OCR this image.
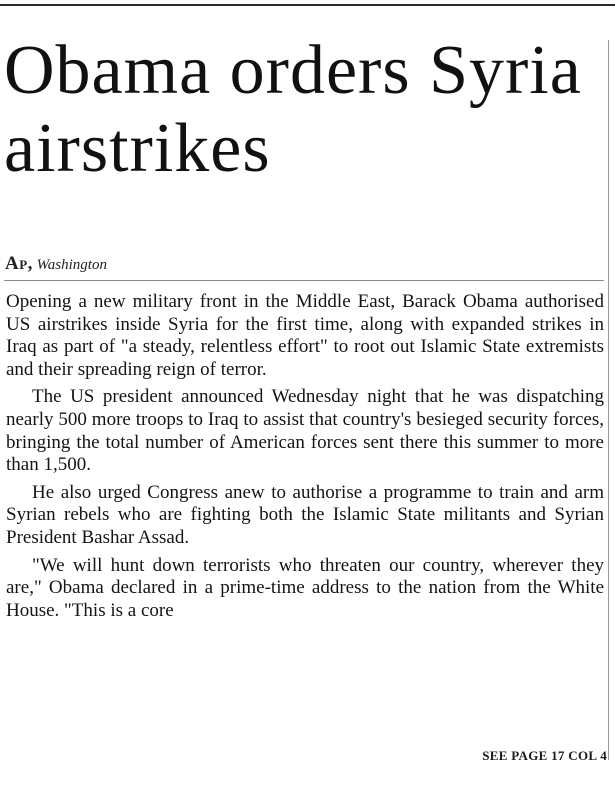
Obama orders Syria airstrikes
Ap, Washington

Opening a new military front in the Middle East, Barack Obama authorised US airstrikes inside Syria for the first time, along with expanded strikes in Iraq as part of "a steady, relentless effort" to root out Islamic State extremists and their spreading reign of terror.

The US president announced Wednesday night that he was dispatching nearly 500 more troops to Iraq to assist that country's besieged security forces, bringing the total number of American forces sent there this summer to more than 1,500.

He also urged Congress anew to authorise a programme to train and arm Syrian rebels who are fighting both the Islamic State militants and Syrian President Bashar Assad.

"We will hunt down terrorists who threaten our country, wherever they are," Obama declared in a prime-time address to the nation from the White House. "This is a core

SEE PAGE 17 COL 4
